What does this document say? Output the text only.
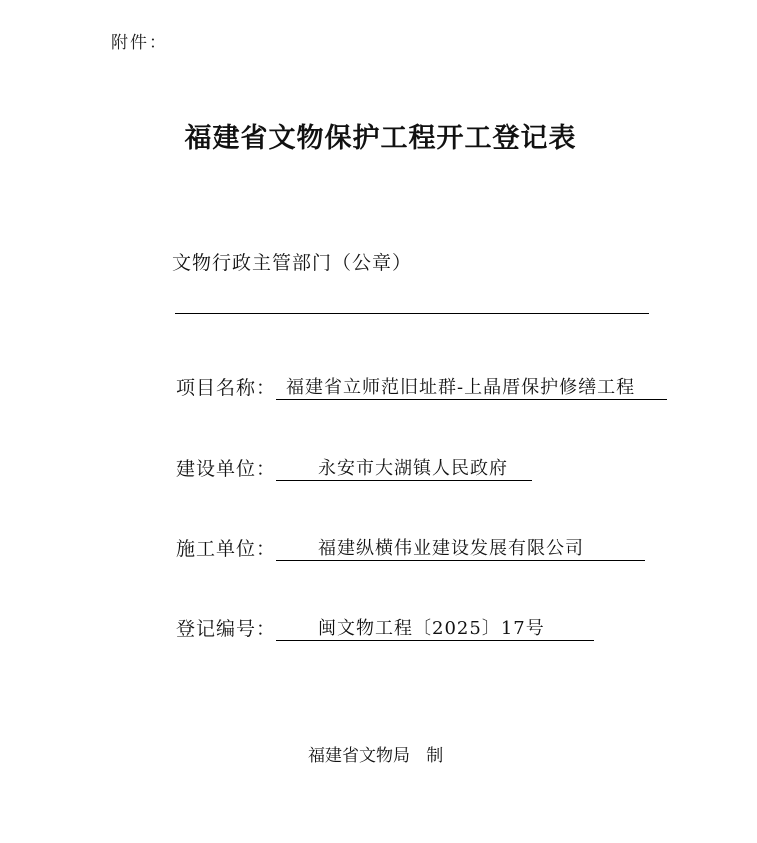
附件：
福建省文物保护工程开工登记表
文物行政主管部门（公章）
项目名称： 福建省立师范旧址群-上晶厝保护修缮工程
建设单位：	永安市大湖镇人民政府
施工单位：	福建纵横伟业建设发展有限公司
登记编号：	闽文物工程〔2025〕17号
福建省文物局   制
